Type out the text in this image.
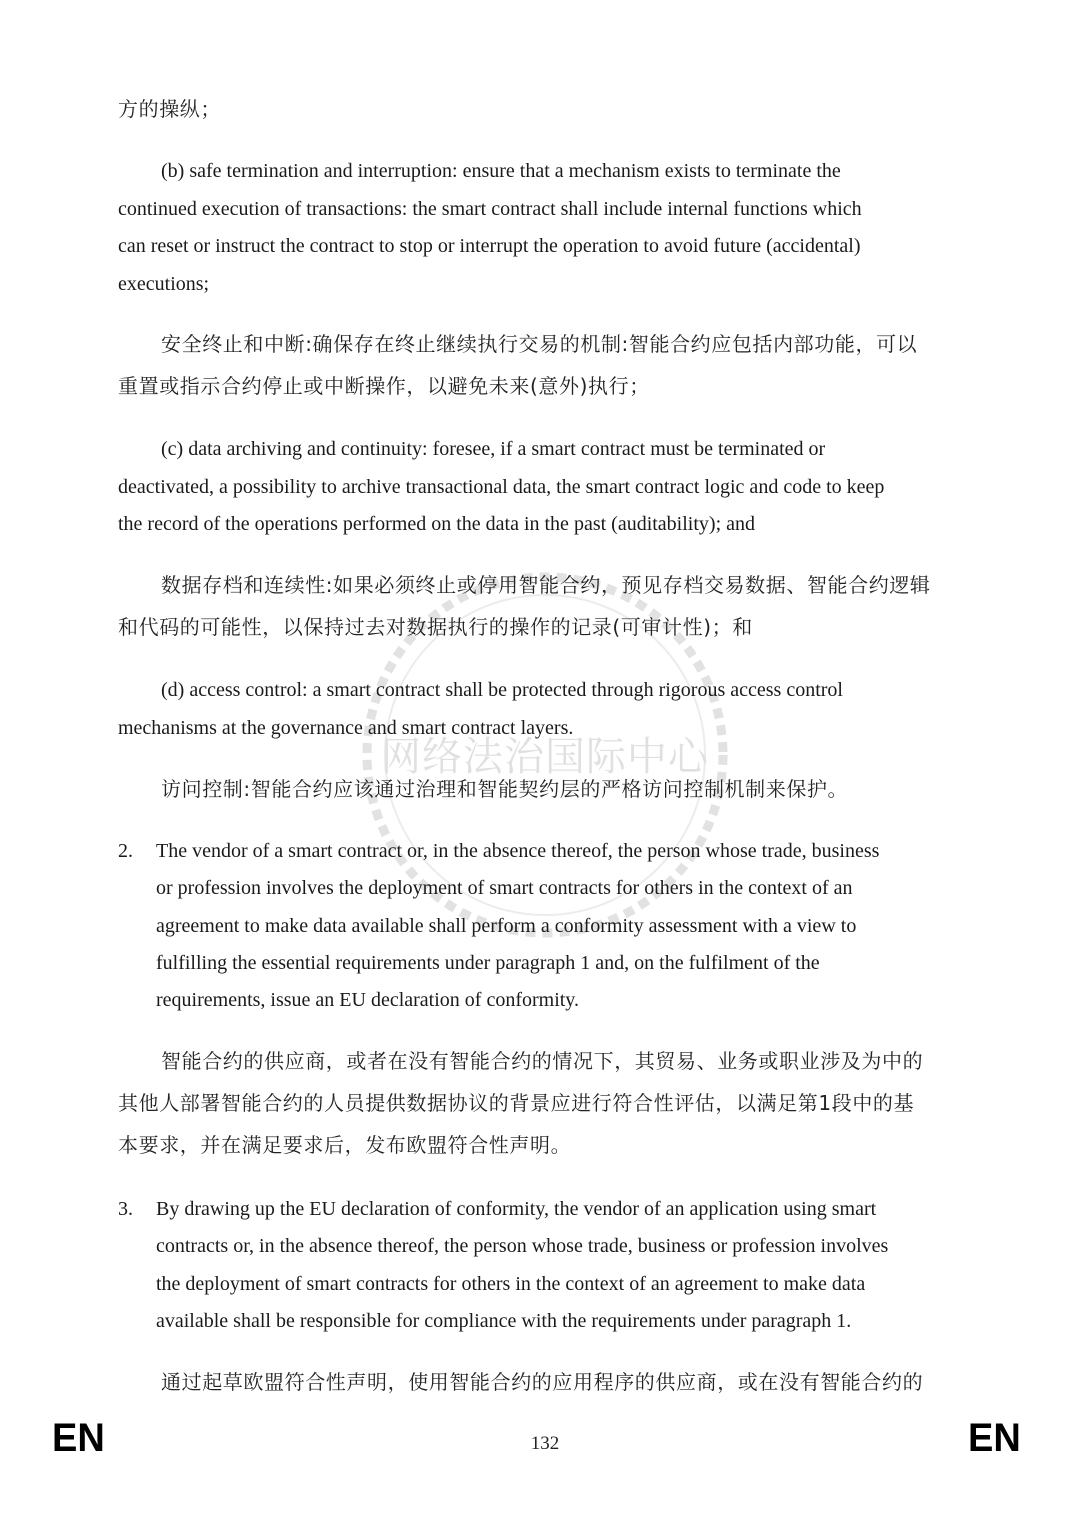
网络法治国际中心
方的操纵；
(b) safe termination and interruption: ensure that a mechanism exists to terminate the
continued execution of transactions: the smart contract shall include internal functions which
can reset or instruct the contract to stop or interrupt the operation to avoid future (accidental)
executions;
安全终止和中断:确保存在终止继续执行交易的机制:智能合约应包括内部功能，可以
重置或指示合约停止或中断操作，以避免未来(意外)执行；
(c) data archiving and continuity: foresee, if a smart contract must be terminated or
deactivated, a possibility to archive transactional data, the smart contract logic and code to keep
the record of the operations performed on the data in the past (auditability); and
数据存档和连续性:如果必须终止或停用智能合约，预见存档交易数据、智能合约逻辑
和代码的可能性，以保持过去对数据执行的操作的记录(可审计性)；和
(d) access control: a smart contract shall be protected through rigorous access control
mechanisms at the governance and smart contract layers.
访问控制:智能合约应该通过治理和智能契约层的严格访问控制机制来保护。
2. The vendor of a smart contract or, in the absence thereof, the person whose trade, business
or profession involves the deployment of smart contracts for others in the context of an
agreement to make data available shall perform a conformity assessment with a view to
fulfilling the essential requirements under paragraph 1 and, on the fulfilment of the
requirements, issue an EU declaration of conformity.
智能合约的供应商，或者在没有智能合约的情况下，其贸易、业务或职业涉及为中的
其他人部署智能合约的人员提供数据协议的背景应进行符合性评估，以满足第1段中的基
本要求，并在满足要求后，发布欧盟符合性声明。
3. By drawing up the EU declaration of conformity, the vendor of an application using smart
contracts or, in the absence thereof, the person whose trade, business or profession involves
the deployment of smart contracts for others in the context of an agreement to make data
available shall be responsible for compliance with the requirements under paragraph 1.
通过起草欧盟符合性声明，使用智能合约的应用程序的供应商，或在没有智能合约的
EN	132	EN
